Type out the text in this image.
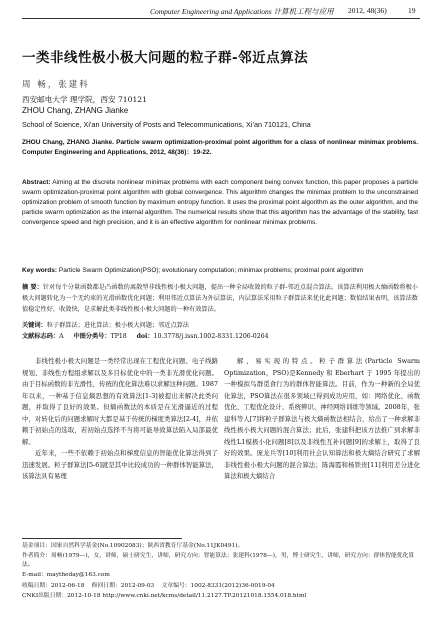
Computer Engineering and Applications 计算机工程与应用 2012, 48(36)	19
一类非线性极小极大问题的粒子群-邻近点算法
周 畅，张建科
西安邮电大学 理学院，西安 710121
ZHOU Chang, ZHANG Jianke
School of Science, Xi’an University of Posts and Telecommunications, Xi’an 710121, China
ZHOU Chang, ZHANG Jianke. Particle swarm optimization-proximal point algorithm for a class of nonlinear minimax problems. Computer Engineering and Applications, 2012, 48(36)：19-22.
Abstract: Aiming at the discrete nonlinear minimax problems with each component being convex function, this paper proposes a particle swarm optimization-proximal point algorithm with global convergence. This algorithm changes the minimax problem to the unconstrained optimization problem of smooth function by maximum entropy function. It uses the proximal point algorithm as the outer algorithm, and the particle swarm optimization as the internal algorithm. The numerical results show that this algorithm has the advantage of the stability, fast convergence speed and high precision, and it is an effective algorithm for nonlinear minimax problems.
Key words: Particle Swarm Optimization(PSO); evolutionary computation; minimax problems; proximal point algorithm
摘 要：针对每个分量函数都是凸函数的离散型非线性极小极大问题，提出一种全局收敛的粒子群-邻近点混合算法。该算法利用极大熵函数将极小极大问题转化为一个无约束的光滑函数优化问题；利用邻近点算法为外层算法，内层算法采用粒子群算法来优化此问题；数值结果表明，该算法数值稳定性好，收敛快，是求解此类非线性极小极大问题的一种有效算法。
关键词：粒子群算法；进化算法；极小极大问题；邻近点算法
文献标志码：A 中图分类号：TP18 doi：10.3778/j.issn.1002-8331.1206-0264

非线性极小极大问题是一类经常出现在工程优化问题、电子线路规划、非线性方程组求解以及多目标优化中的一类非光滑优化问题。由于目标函数的非光滑性，传统的优化算法难以求解这种问题。1987年以来，一种基于信息熵思想的有效算法[1-3]被提出来解决此类问题，并取得了良好的效果。但熵函数法的本质是在光滑逼近的过程中，对转化后的问题求解时大都是基于传统的梯度类算法[2-4]，并依赖于初始点的选取，若初始点选择不当将可能导致算法陷入局部最优解。

近年来，一些不依赖于初始点和梯度信息的智能优化算法得到了迅速发展。粒子群算法[5-6]就是其中比较成功的一种群体智能算法，该算法具有易理

解、易实现的特点。粒子群算法(Particle Swarm Optimization，PSO)是Kennedy 和 Eberhart 于 1995 年提出的一种模拟鸟群觅食行为的群体智能算法。目前，作为一种新的全局优化算法，PSO算法在很多领域已得到成功应用，如：网络优化、函数优化、工程优化设计、系统辨识、神经网络训练等领域。2008年，张建科等人[7]将粒子群算法与极大熵函数法相结合，给出了一种求解非线性极小极大问题的混合算法；此后，张建科把该方法推广到求解非线性L1模极小化问题[8]以及非线性互补问题[9]的求解上，取得了良好的效果。庞龙兵等[10]利用社会认知算法和极大熵结合研究了求解非线性极小极大问题的混合算法；陈海霞和杨铁贵[11]利用差分进化算法和极大熵结合

基金项目：国家自然科学基金(No.10902083)；陕西省教育厅基金(No.11JK0491)。
作者简介：周畅(1979—)，女，讲师，硕士研究生，讲师，研究方向：智能算法；张建科(1978—)，男，博士研究生，讲师，研究方向：群体智能优化算法。
E-mail：maytheday@163.com
收稿日期：2012-06-18 修回日期：2012-09-03 文章编号：1002-8331(2012)36-0019-04
CNKI出版日期：2012-10-18 http://www.cnki.net/kcms/detail/11.2127.TP.20121018.1554.018.html
